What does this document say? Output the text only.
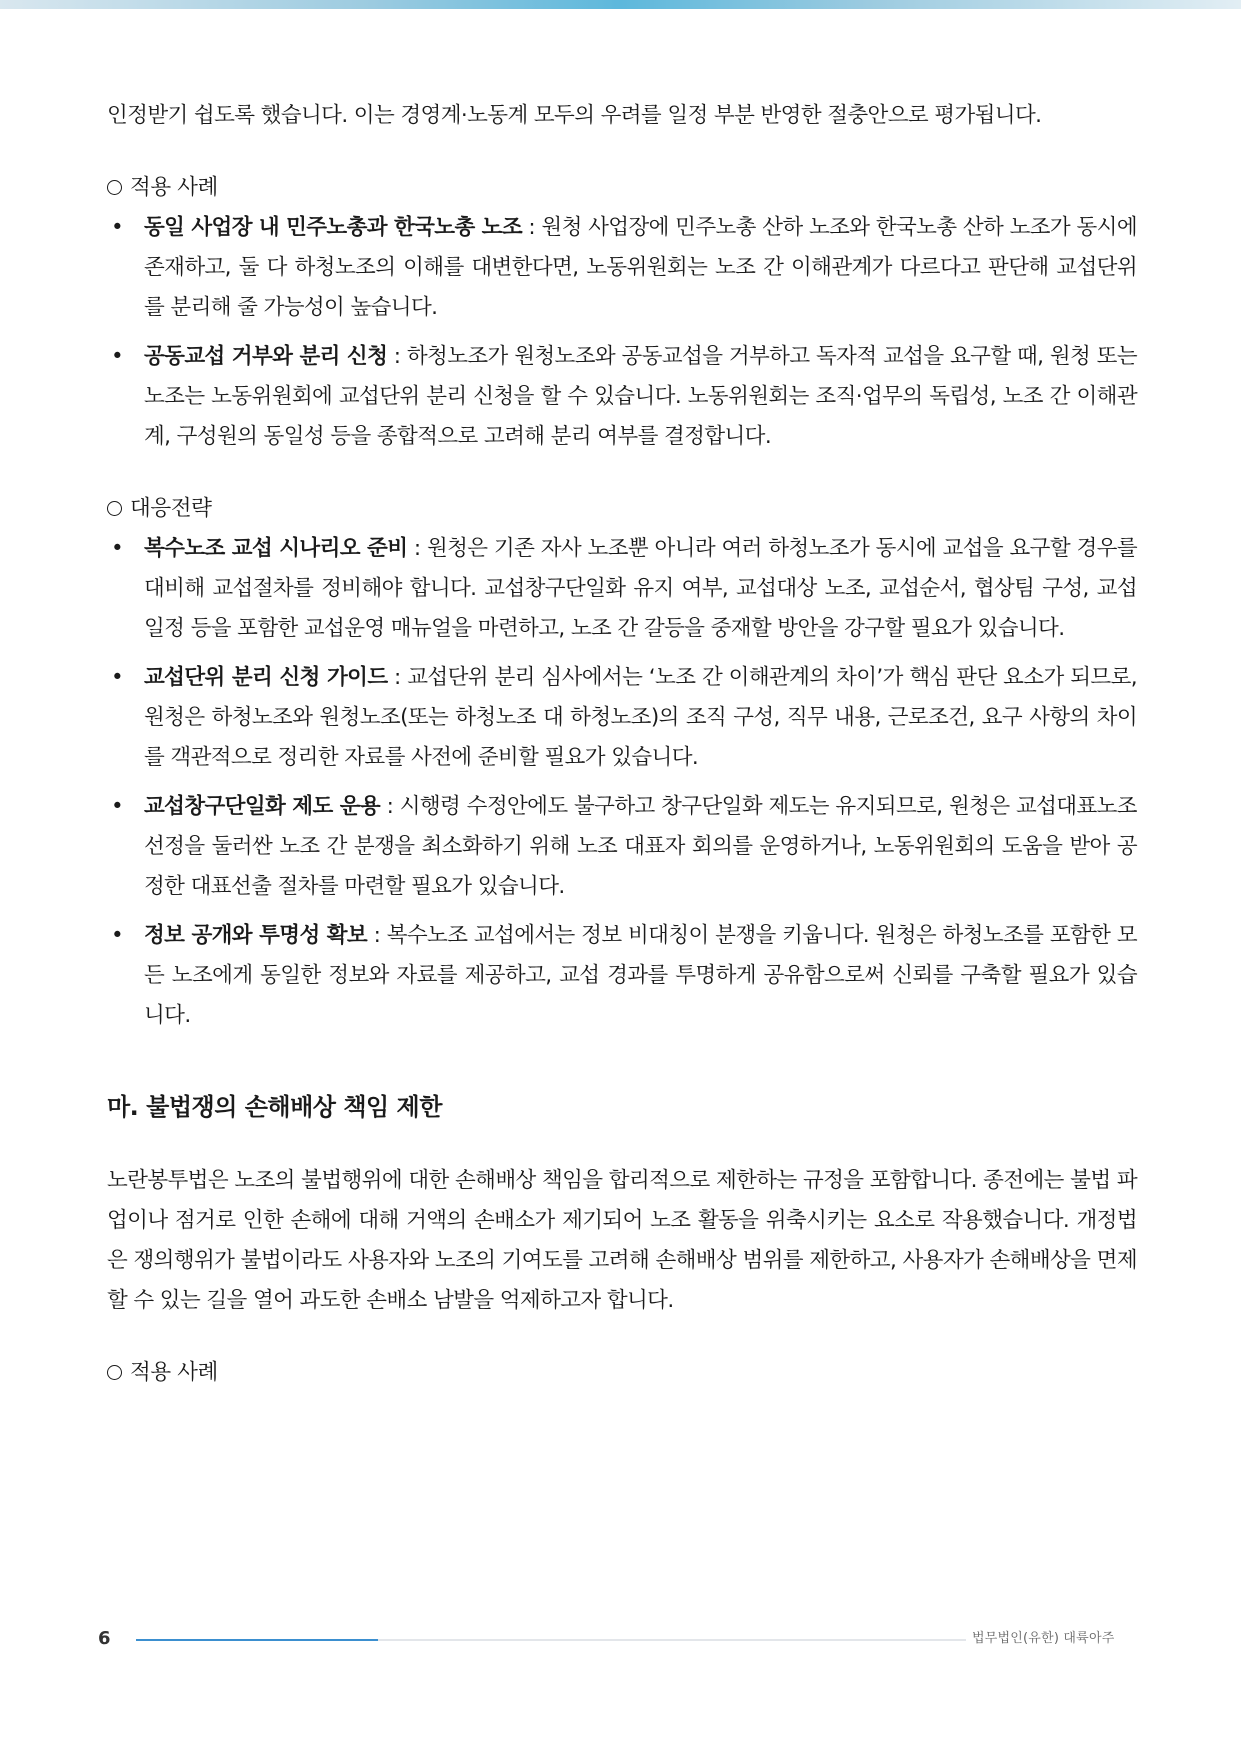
인정받기 쉽도록 했습니다. 이는 경영계·노동계 모두의 우려를 일정 부분 반영한 절충안으로 평가됩니다.

적용 사례

• 동일 사업장 내 민주노총과 한국노총 노조 : 원청 사업장에 민주노총 산하 노조와 한국노총 산하 노조가 동시에 존재하고, 둘 다 하청노조의 이해를 대변한다면, 노동위원회는 노조 간 이해관계가 다르다고 판단해 교섭단위를 분리해 줄 가능성이 높습니다.
• 공동교섭 거부와 분리 신청 : 하청노조가 원청노조와 공동교섭을 거부하고 독자적 교섭을 요구할 때, 원청 또는 노조는 노동위원회에 교섭단위 분리 신청을 할 수 있습니다. 노동위원회는 조직·업무의 독립성, 노조 간 이해관계, 구성원의 동일성 등을 종합적으로 고려해 분리 여부를 결정합니다.

대응전략

• 복수노조 교섭 시나리오 준비 : 원청은 기존 자사 노조뿐 아니라 여러 하청노조가 동시에 교섭을 요구할 경우를 대비해 교섭절차를 정비해야 합니다. 교섭창구단일화 유지 여부, 교섭대상 노조, 교섭순서, 협상팀 구성, 교섭일정 등을 포함한 교섭운영 매뉴얼을 마련하고, 노조 간 갈등을 중재할 방안을 강구할 필요가 있습니다.
• 교섭단위 분리 신청 가이드 : 교섭단위 분리 심사에서는 ‘노조 간 이해관계의 차이’가 핵심 판단 요소가 되므로, 원청은 하청노조와 원청노조(또는 하청노조 대 하청노조)의 조직 구성, 직무 내용, 근로조건, 요구 사항의 차이를 객관적으로 정리한 자료를 사전에 준비할 필요가 있습니다.
• 교섭창구단일화 제도 운용 : 시행령 수정안에도 불구하고 창구단일화 제도는 유지되므로, 원청은 교섭대표노조 선정을 둘러싼 노조 간 분쟁을 최소화하기 위해 노조 대표자 회의를 운영하거나, 노동위원회의 도움을 받아 공정한 대표선출 절차를 마련할 필요가 있습니다.
• 정보 공개와 투명성 확보 : 복수노조 교섭에서는 정보 비대칭이 분쟁을 키웁니다. 원청은 하청노조를 포함한 모든 노조에게 동일한 정보와 자료를 제공하고, 교섭 경과를 투명하게 공유함으로써 신뢰를 구축할 필요가 있습니다.
마. 불법쟁의 손해배상 책임 제한

노란봉투법은 노조의 불법행위에 대한 손해배상 책임을 합리적으로 제한하는 규정을 포함합니다. 종전에는 불법 파업이나 점거로 인한 손해에 대해 거액의 손배소가 제기되어 노조 활동을 위축시키는 요소로 작용했습니다. 개정법은 쟁의행위가 불법이라도 사용자와 노조의 기여도를 고려해 손해배상 범위를 제한하고, 사용자가 손해배상을 면제할 수 있는 길을 열어 과도한 손배소 남발을 억제하고자 합니다.

적용 사례

6	법무법인(유한) 대륙아주
